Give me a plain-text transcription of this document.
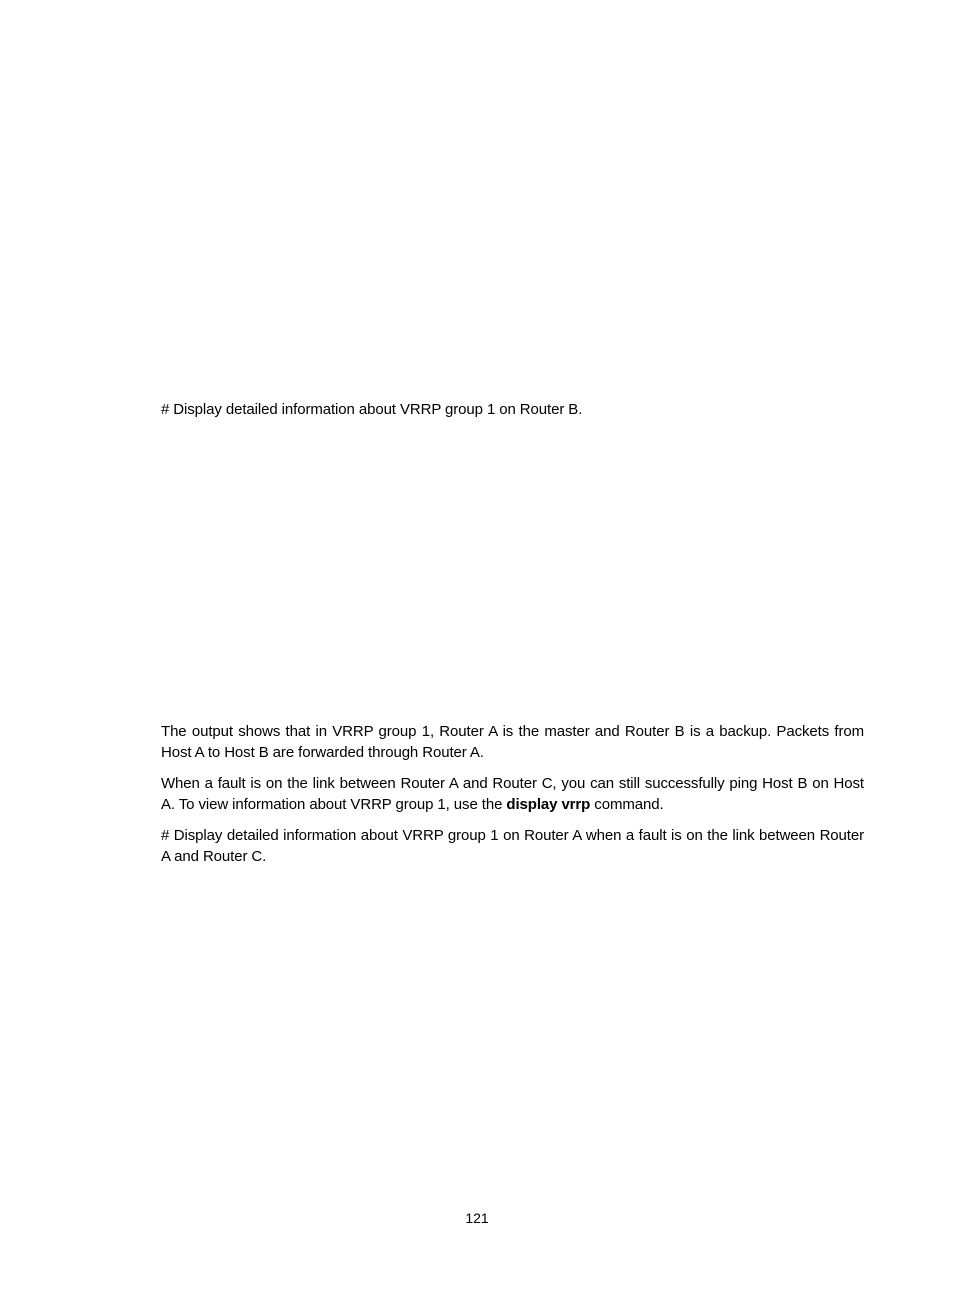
# Display detailed information about VRRP group 1 on Router B.

The output shows that in VRRP group 1, Router A is the master and Router B is a backup. Packets from Host A to Host B are forwarded through Router A.

When a fault is on the link between Router A and Router C, you can still successfully ping Host B on Host A. To view information about VRRP group 1, use the display vrrp command.

# Display detailed information about VRRP group 1 on Router A when a fault is on the link between Router A and Router C.

121
